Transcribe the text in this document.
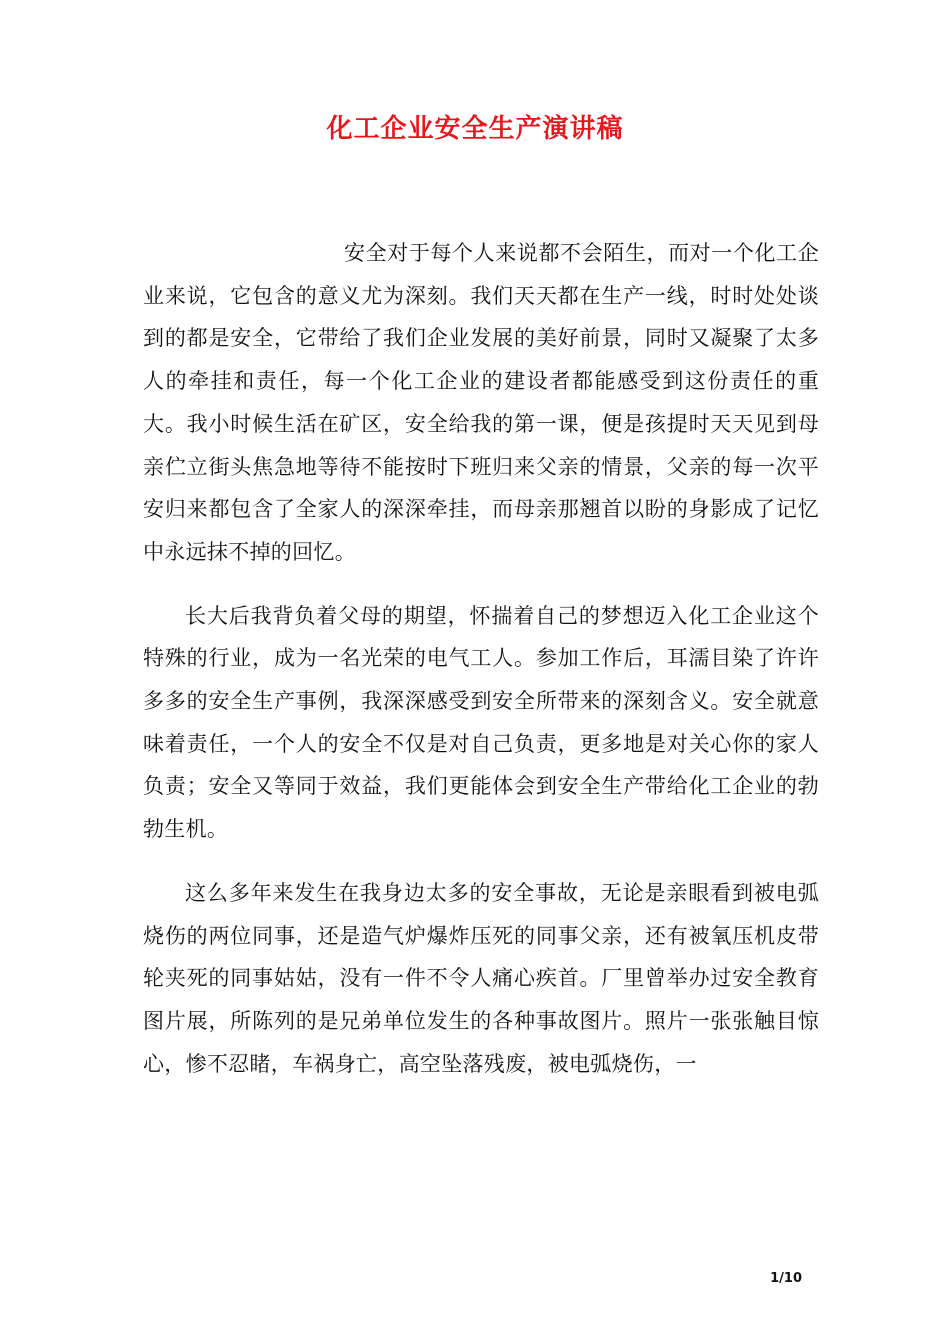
化工企业安全生产演讲稿

安全对于每个人来说都不会陌生，而对一个化工企业来说，它包含的意义尤为深刻。我们天天都在生产一线，时时处处谈到的都是安全，它带给了我们企业发展的美好前景，同时又凝聚了太多人的牵挂和责任，每一个化工企业的建设者都能感受到这份责任的重大。我小时候生活在矿区，安全给我的第一课，便是孩提时天天见到母亲伫立街头焦急地等待不能按时下班归来父亲的情景，父亲的每一次平安归来都包含了全家人的深深牵挂，而母亲那翘首以盼的身影成了记忆中永远抹不掉的回忆。

长大后我背负着父母的期望，怀揣着自己的梦想迈入化工企业这个特殊的行业，成为一名光荣的电气工人。参加工作后，耳濡目染了许许多多的安全生产事例，我深深感受到安全所带来的深刻含义。安全就意味着责任，一个人的安全不仅是对自己负责，更多地是对关心你的家人负责；安全又等同于效益，我们更能体会到安全生产带给化工企业的勃勃生机。

这么多年来发生在我身边太多的安全事故，无论是亲眼看到被电弧烧伤的两位同事，还是造气炉爆炸压死的同事父亲，还有被氧压机皮带轮夹死的同事姑姑，没有一件不令人痛心疾首。厂里曾举办过安全教育图片展，所陈列的是兄弟单位发生的各种事故图片。照片一张张触目惊心，惨不忍睹，车祸身亡，高空坠落残废，被电弧烧伤，一

1/10
